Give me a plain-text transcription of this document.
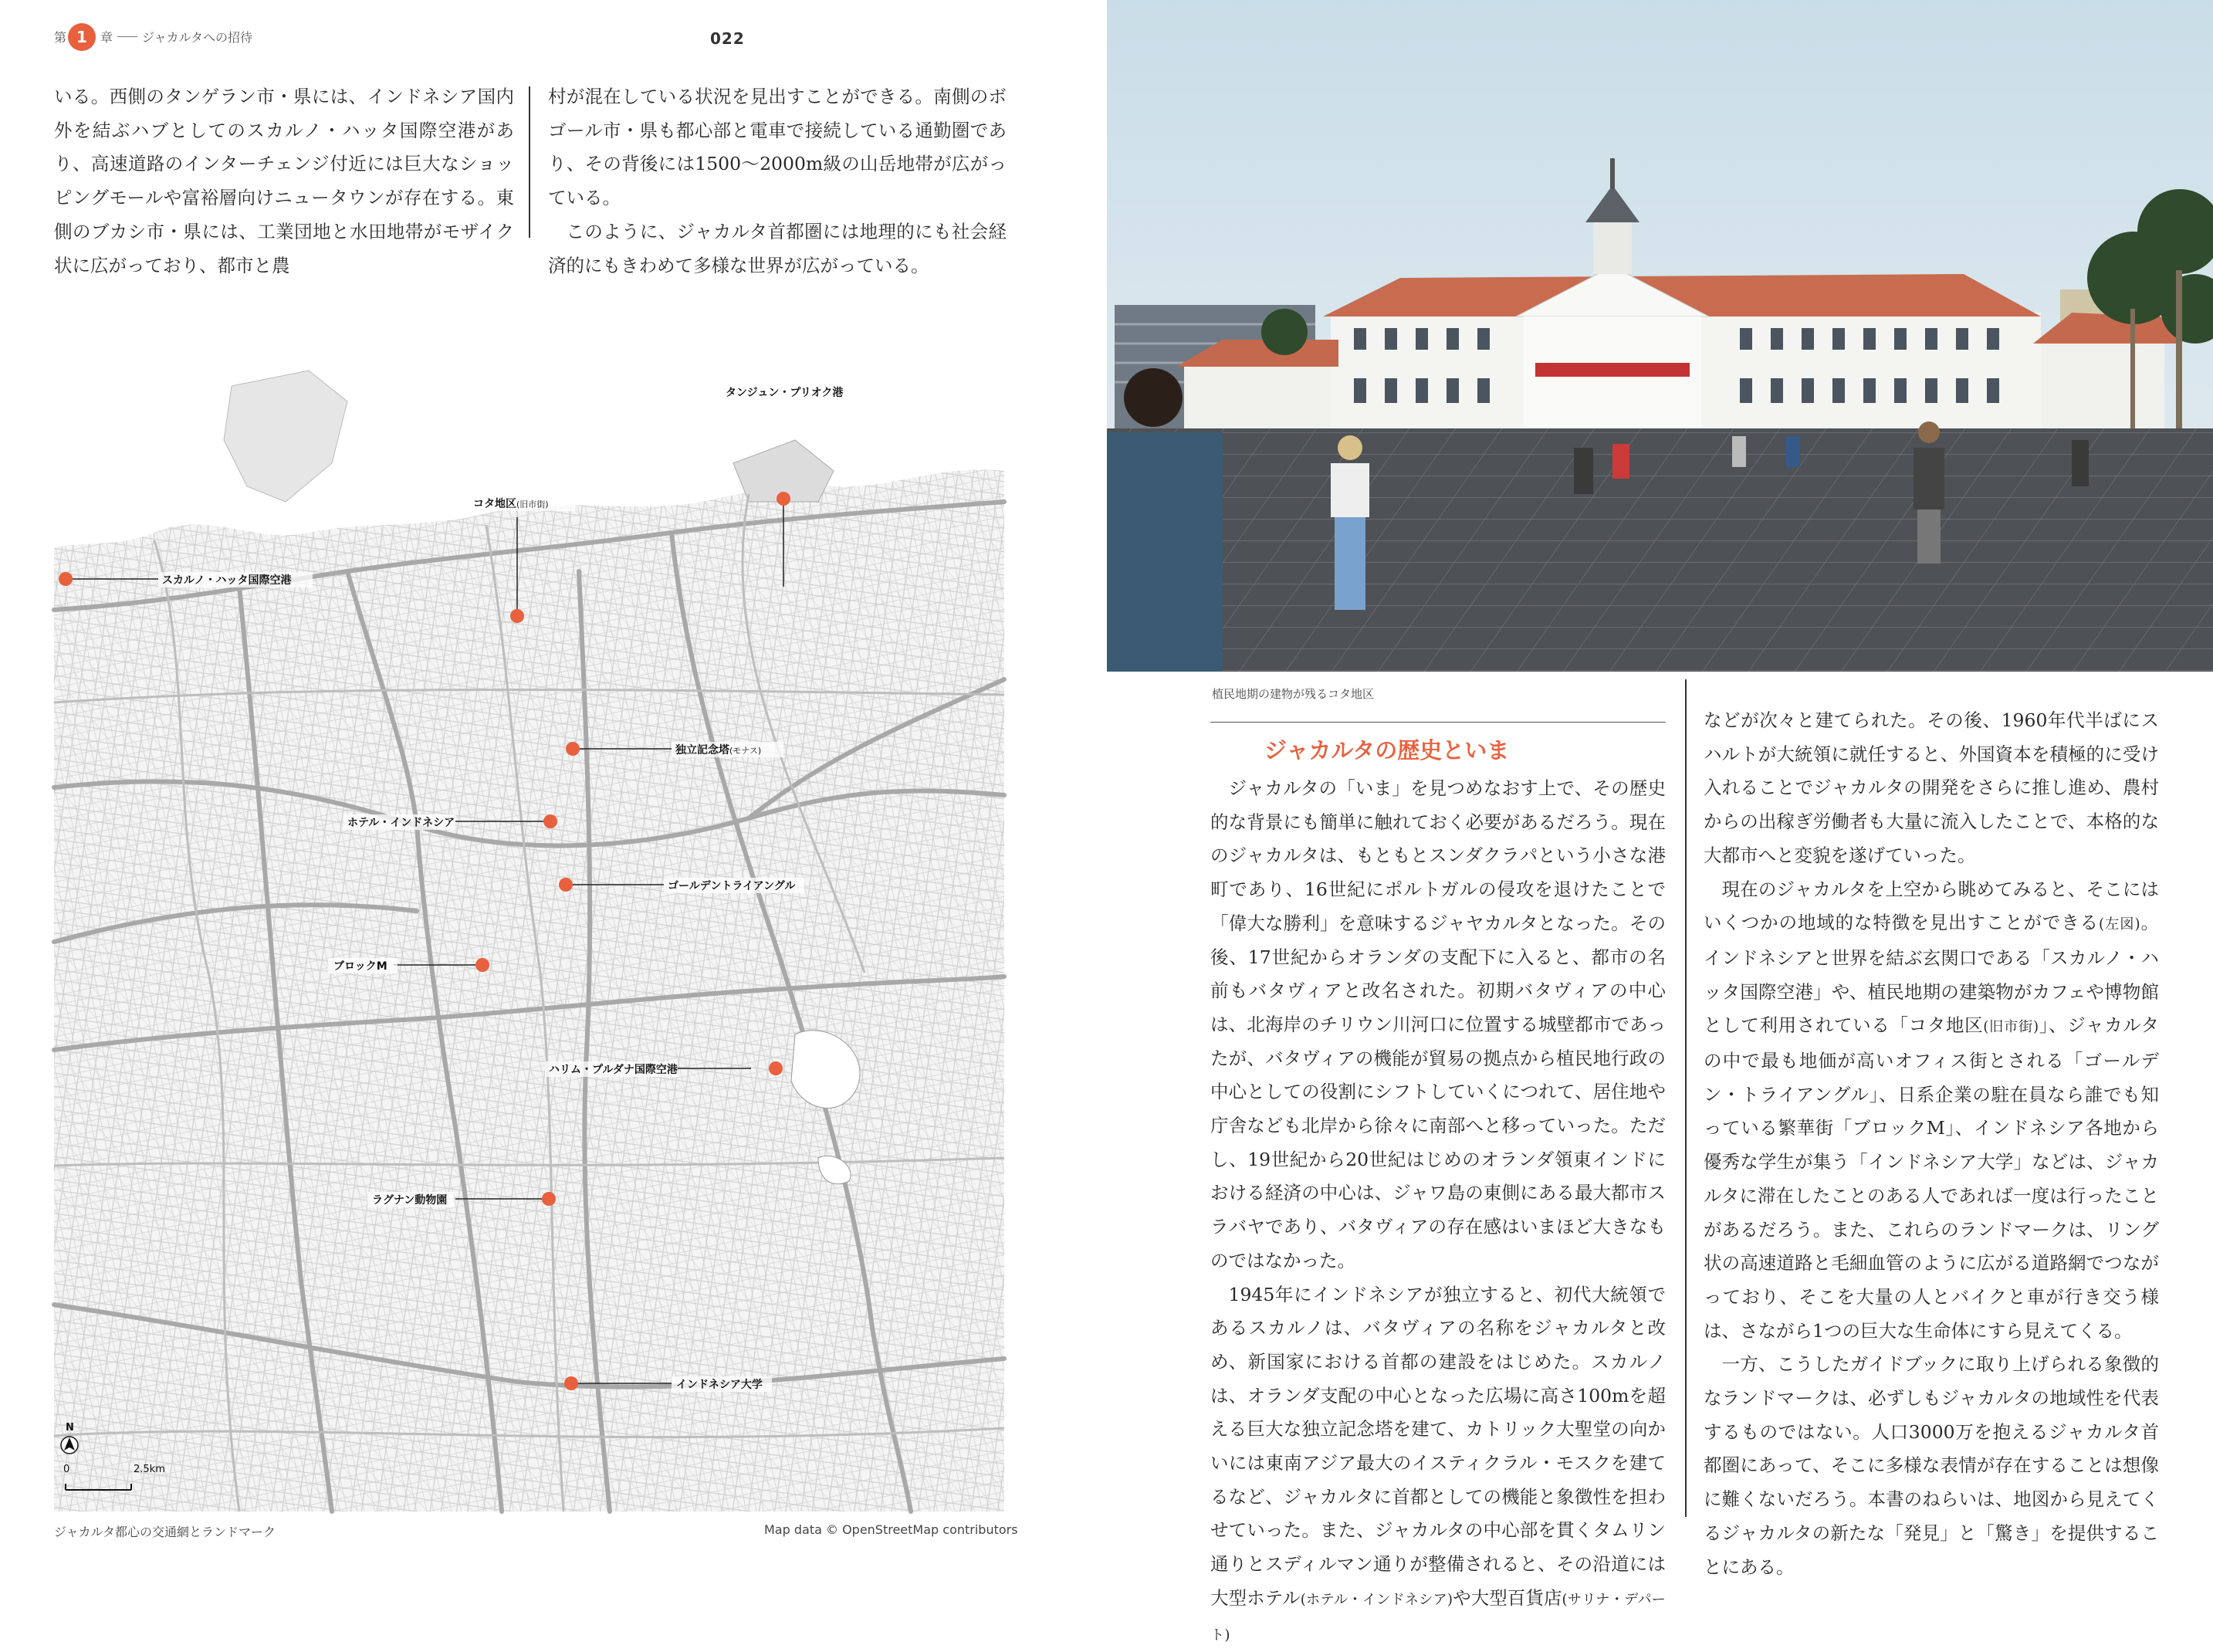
第 1	章 ジャカルタへの招待	022

いる。西側のタンゲラン市・県には、インドネシア国内外を結ぶハブとしてのスカルノ・ハッタ国際空港があり、高速道路のインターチェンジ付近には巨大なショッピングモールや富裕層向けニュータウンが存在する。東側のブカシ市・県には、工業団地と水田地帯がモザイク状に広がっており、都市と農

村が混在している状況を見出すことができる。南側のボゴール市・県も都心部と電車で接続している通勤圏であり、その背後には1500〜2000m級の山岳地帯が広がっている。

このように、ジャカルタ首都圏には地理的にも社会経済的にもきわめて多様な世界が広がっている。

タンジュン・プリオク港
コタ地区(旧市街)
スカルノ・ハッタ国際空港
独立記念塔(モナス)
ホテル・インドネシア
ゴールデントライアングル
ブロックM
ハリム・プルダナ国際空港
ラグナン動物園
インドネシア大学
N
0	2.5km
ジャカルタ都心の交通網とランドマーク	Map data © OpenStreetMap contributors
植民地期の建物が残るコタ地区
ジャカルタの歴史といま

ジャカルタの「いま」を見つめなおす上で、その歴史的な背景にも簡単に触れておく必要があるだろう。現在のジャカルタは、もともとスンダクラパという小さな港町であり、16世紀にポルトガルの侵攻を退けたことで「偉大な勝利」を意味するジャヤカルタとなった。その後、17世紀からオランダの支配下に入ると、都市の名前もバタヴィアと改名された。初期バタヴィアの中心は、北海岸のチリウン川河口に位置する城壁都市であったが、バタヴィアの機能が貿易の拠点から植民地行政の中心としての役割にシフトしていくにつれて、居住地や庁舎なども北岸から徐々に南部へと移っていった。ただし、19世紀から20世紀はじめのオランダ領東インドにおける経済の中心は、ジャワ島の東側にある最大都市スラバヤであり、バタヴィアの存在感はいまほど大きなものではなかった。

1945年にインドネシアが独立すると、初代大統領であるスカルノは、バタヴィアの名称をジャカルタと改め、新国家における首都の建設をはじめた。スカルノは、オランダ支配の中心となった広場に高さ100mを超える巨大な独立記念塔を建て、カトリック大聖堂の向かいには東南アジア最大のイスティクラル・モスクを建てるなど、ジャカルタに首都としての機能と象徴性を担わせていった。また、ジャカルタの中心部を貫くタムリン通りとスディルマン通りが整備されると、その沿道には大型ホテル(ホテル・インドネシア)や大型百貨店(サリナ・デパート)

などが次々と建てられた。その後、1960年代半ばにスハルトが大統領に就任すると、外国資本を積極的に受け入れることでジャカルタの開発をさらに推し進め、農村からの出稼ぎ労働者も大量に流入したことで、本格的な大都市へと変貌を遂げていった。

現在のジャカルタを上空から眺めてみると、そこにはいくつかの地域的な特徴を見出すことができる(左図)。インドネシアと世界を結ぶ玄関口である「スカルノ・ハッタ国際空港」や、植民地期の建築物がカフェや博物館として利用されている「コタ地区(旧市街)」、ジャカルタの中で最も地価が高いオフィス街とされる「ゴールデン・トライアングル」、日系企業の駐在員なら誰でも知っている繁華街「ブロックM」、インドネシア各地から優秀な学生が集う「インドネシア大学」などは、ジャカルタに滞在したことのある人であれば一度は行ったことがあるだろう。また、これらのランドマークは、リング状の高速道路と毛細血管のように広がる道路網でつながっており、そこを大量の人とバイクと車が行き交う様は、さながら1つの巨大な生命体にすら見えてくる。

一方、こうしたガイドブックに取り上げられる象徴的なランドマークは、必ずしもジャカルタの地域性を代表するものではない。人口3000万を抱えるジャカルタ首都圏にあって、そこに多様な表情が存在することは想像に難くないだろう。本書のねらいは、地図から見えてくるジャカルタの新たな「発見」と「驚き」を提供することにある。
